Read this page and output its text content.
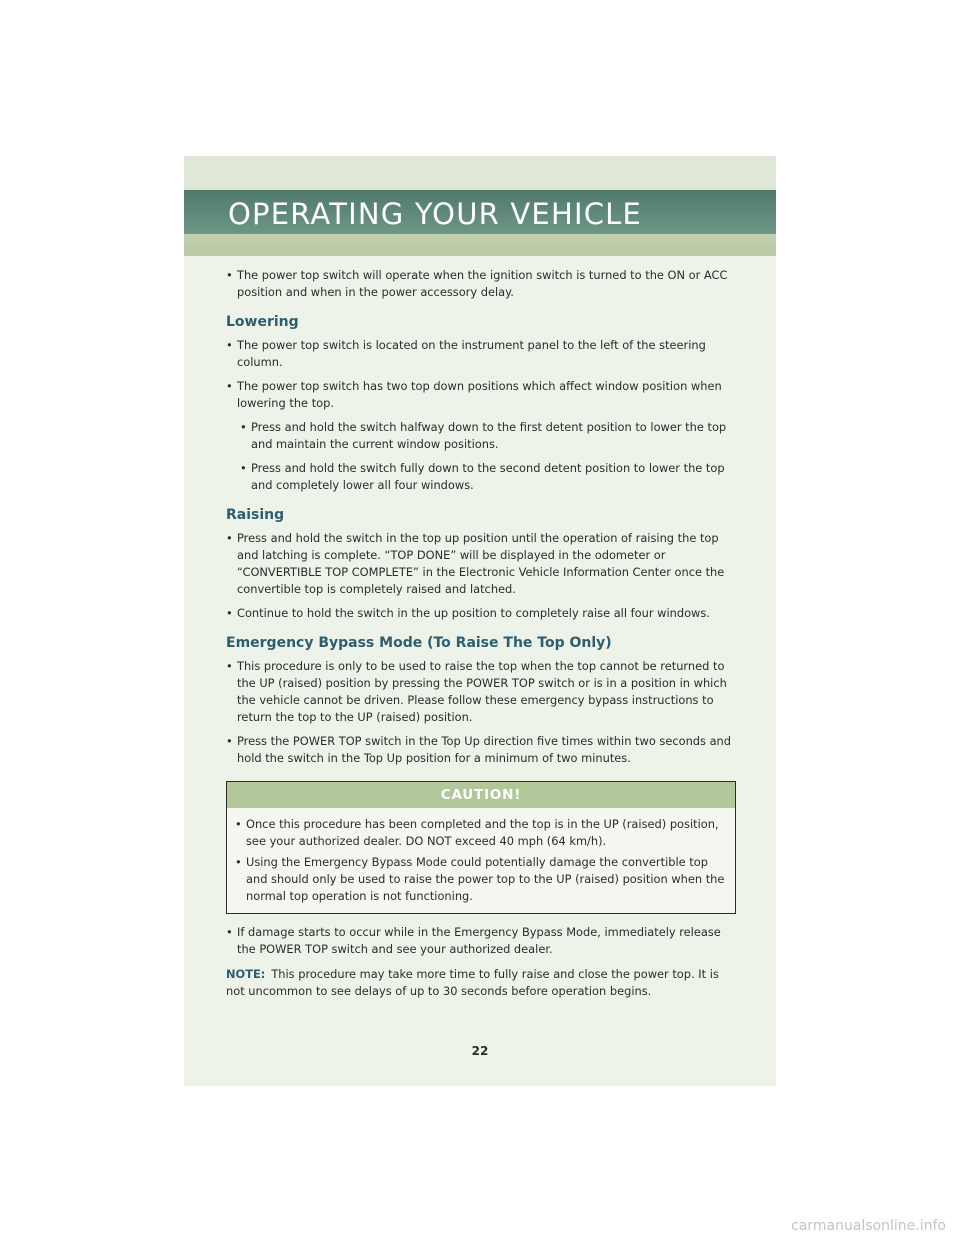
OPERATING YOUR VEHICLE
• The power top switch will operate when the ignition switch is turned to the ON or ACC position and when in the power accessory delay.
Lowering
• The power top switch is located on the instrument panel to the left of the steering column.
• The power top switch has two top down positions which affect window position when lowering the top.
• Press and hold the switch halfway down to the first detent position to lower the top and maintain the current window positions.
• Press and hold the switch fully down to the second detent position to lower the top and completely lower all four windows.
Raising
• Press and hold the switch in the top up position until the operation of raising the top and latching is complete. “TOP DONE” will be displayed in the odometer or “CONVERTIBLE TOP COMPLETE” in the Electronic Vehicle Information Center once the convertible top is completely raised and latched.
• Continue to hold the switch in the up position to completely raise all four windows.
Emergency Bypass Mode (To Raise The Top Only)
• This procedure is only to be used to raise the top when the top cannot be returned to the UP (raised) position by pressing the POWER TOP switch or is in a position in which the vehicle cannot be driven. Please follow these emergency bypass instructions to return the top to the UP (raised) position.
• Press the POWER TOP switch in the Top Up direction five times within two seconds and hold the switch in the Top Up position for a minimum of two minutes.
CAUTION!
• Once this procedure has been completed and the top is in the UP (raised) position, see your authorized dealer. DO NOT exceed 40 mph (64 km/h).
• Using the Emergency Bypass Mode could potentially damage the convertible top and should only be used to raise the power top to the UP (raised) position when the normal top operation is not functioning.
• If damage starts to occur while in the Emergency Bypass Mode, immediately release the POWER TOP switch and see your authorized dealer.
NOTE: This procedure may take more time to fully raise and close the power top. It is not uncommon to see delays of up to 30 seconds before operation begins.
22
carmanualsonline.info
